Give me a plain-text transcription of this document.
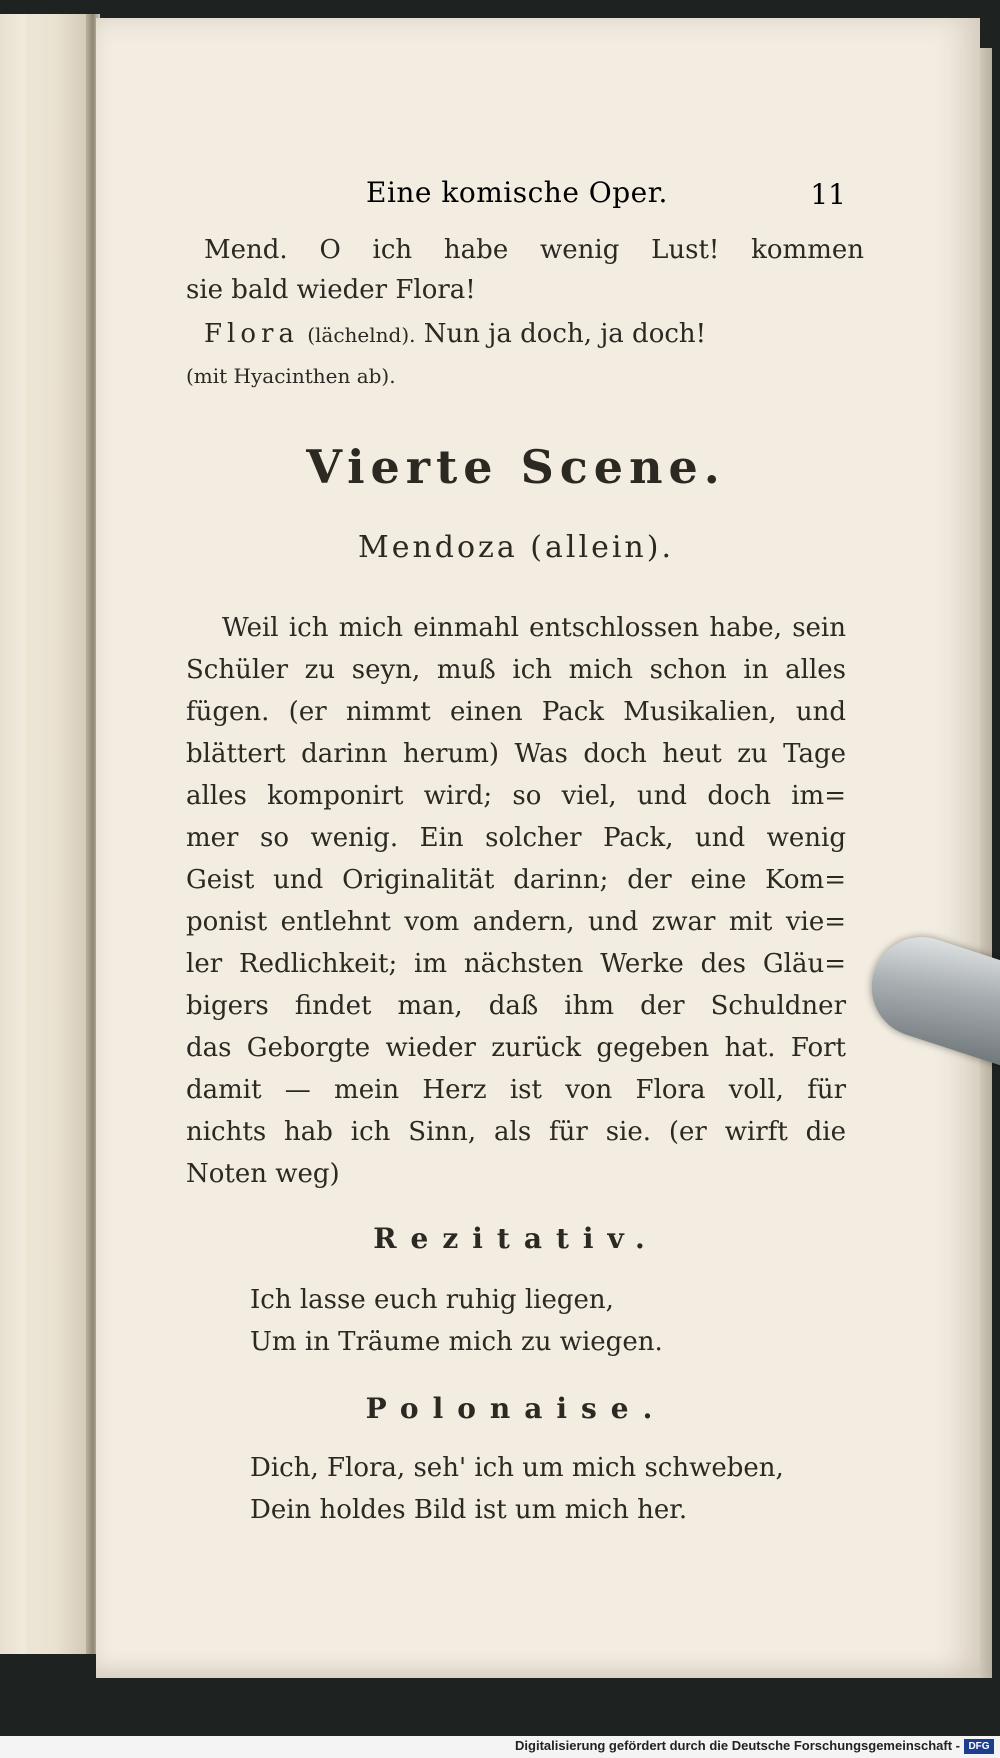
Eine komische Oper.	11
Mend. O ich habe wenig Lust! kommen
sie bald wieder Flora!
Flora (lächelnd). Nun ja doch, ja doch!
(mit Hyacinthen ab).
Vierte Scene.
Mendoza (allein).
Weil ich mich einmahl entschlossen habe, sein
Schüler zu seyn, muß ich mich schon in alles
fügen. (er nimmt einen Pack Musikalien, und
blättert darinn herum) Was doch heut zu Tage
alles komponirt wird; so viel, und doch im=
mer so wenig. Ein solcher Pack, und wenig
Geist und Originalität darinn; der eine Kom=
ponist entlehnt vom andern, und zwar mit vie=
ler Redlichkeit; im nächsten Werke des Gläu=
bigers findet man, daß ihm der Schuldner
das Geborgte wieder zurück gegeben hat. Fort
damit — mein Herz ist von Flora voll, für
nichts hab ich Sinn, als für sie. (er wirft die
Noten weg)
Rezitativ.
Ich lasse euch ruhig liegen,
Um in Träume mich zu wiegen.
Polonaise.
Dich, Flora, seh' ich um mich schweben,
Dein holdes Bild ist um mich her.
Digitalisierung gefördert durch die Deutsche Forschungsgemeinschaft - DFG
